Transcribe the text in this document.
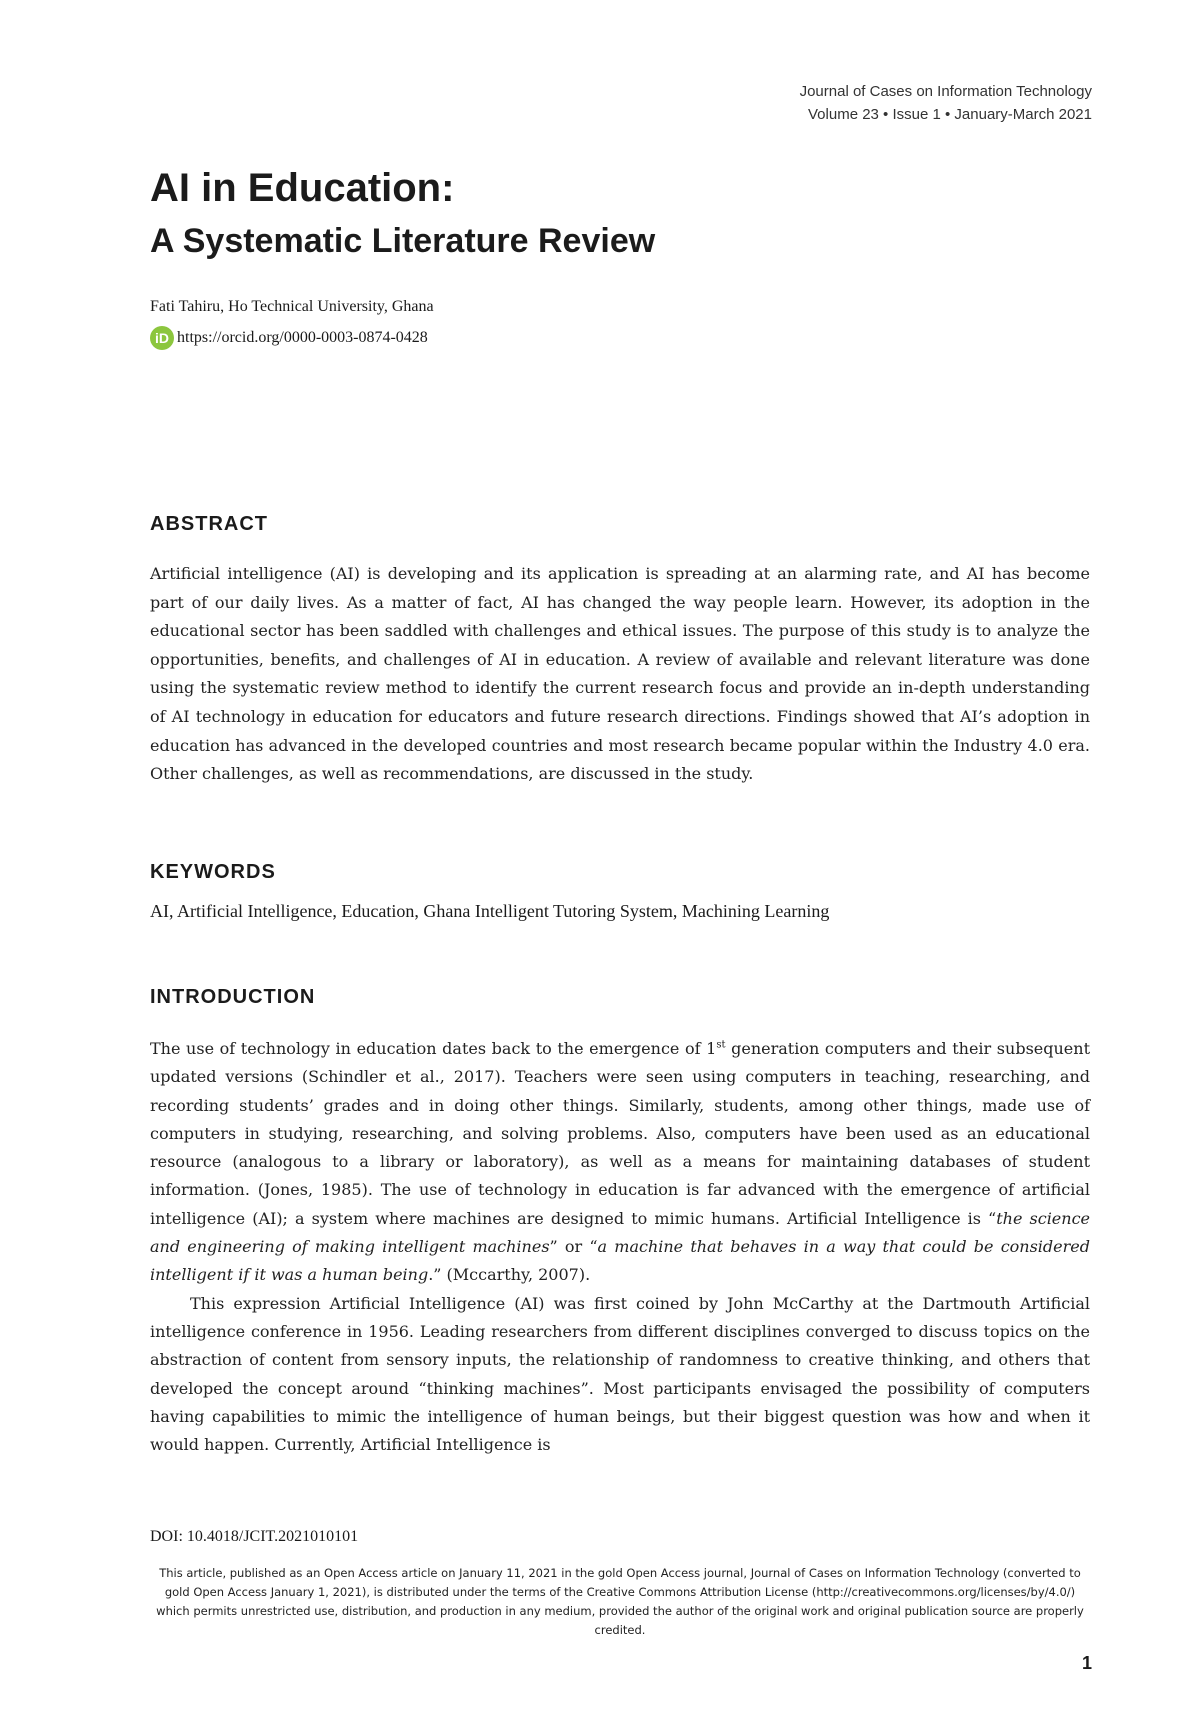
Journal of Cases on Information Technology
Volume 23 • Issue 1 • January-March 2021
AI in Education:
A Systematic Literature Review
Fati Tahiru, Ho Technical University, Ghana
iD https://orcid.org/0000-0003-0874-0428
ABSTRACT

Artificial intelligence (AI) is developing and its application is spreading at an alarming rate, and AI has become part of our daily lives. As a matter of fact, AI has changed the way people learn. However, its adoption in the educational sector has been saddled with challenges and ethical issues. The purpose of this study is to analyze the opportunities, benefits, and challenges of AI in education. A review of available and relevant literature was done using the systematic review method to identify the current research focus and provide an in-depth understanding of AI technology in education for educators and future research directions. Findings showed that AI’s adoption in education has advanced in the developed countries and most research became popular within the Industry 4.0 era. Other challenges, as well as recommendations, are discussed in the study.

KEYWORDS
AI, Artificial Intelligence, Education, Ghana Intelligent Tutoring System, Machining Learning
INTRODUCTION

The use of technology in education dates back to the emergence of 1st generation computers and their subsequent updated versions (Schindler et al., 2017). Teachers were seen using computers in teaching, researching, and recording students’ grades and in doing other things. Similarly, students, among other things, made use of computers in studying, researching, and solving problems. Also, computers have been used as an educational resource (analogous to a library or laboratory), as well as a means for maintaining databases of student information. (Jones, 1985). The use of technology in education is far advanced with the emergence of artificial intelligence (AI); a system where machines are designed to mimic humans. Artificial Intelligence is “the science and engineering of making intelligent machines” or “a machine that behaves in a way that could be considered intelligent if it was a human being.” (Mccarthy, 2007).

This expression Artificial Intelligence (AI) was first coined by John McCarthy at the Dartmouth Artificial intelligence conference in 1956. Leading researchers from different disciplines converged to discuss topics on the abstraction of content from sensory inputs, the relationship of randomness to creative thinking, and others that developed the concept around “thinking machines”. Most participants envisaged the possibility of computers having capabilities to mimic the intelligence of human beings, but their biggest question was how and when it would happen. Currently, Artificial Intelligence is

DOI: 10.4018/JCIT.2021010101

This article, published as an Open Access article on January 11, 2021 in the gold Open Access journal, Journal of Cases on Information Technology (converted to gold Open Access January 1, 2021), is distributed under the terms of the Creative Commons Attribution License (http://creativecommons.org/licenses/by/4.0/) which permits unrestricted use, distribution, and production in any medium, provided the author of the original work and original publication source are properly credited.

1
